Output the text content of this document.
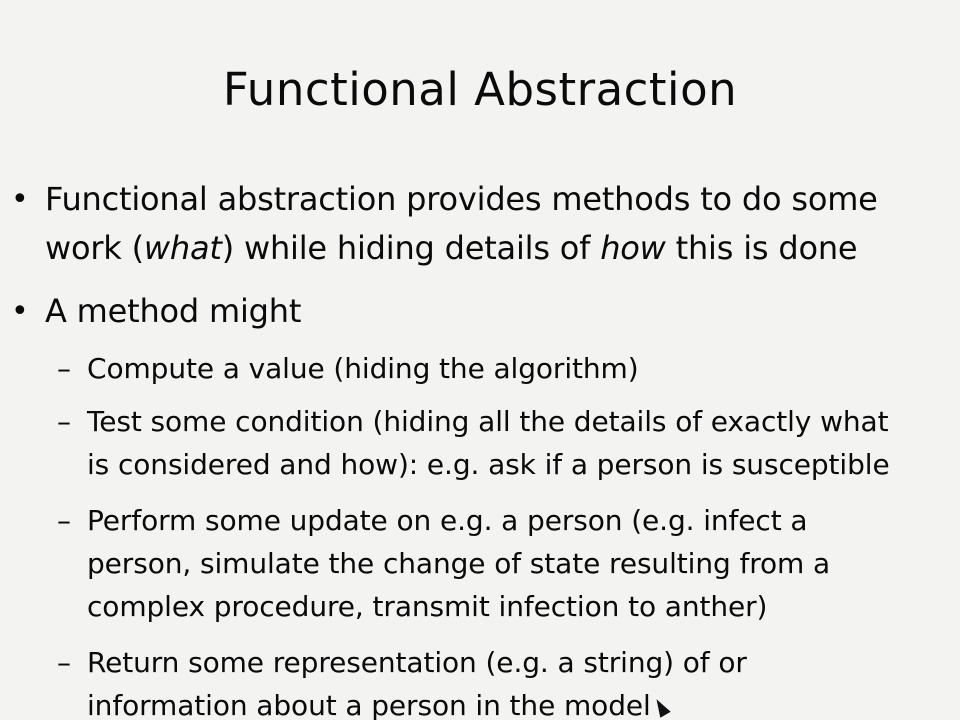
Functional Abstraction
• Functional abstraction provides methods to do some
work (what) while hiding details of how this is done
• A method might
– Compute a value (hiding the algorithm)
– Test some condition (hiding all the details of exactly what
is considered and how): e.g. ask if a person is susceptible
– Perform some update on e.g. a person (e.g. infect a
person, simulate the change of state resulting from a
complex procedure, transmit infection to anther)
– Return some representation (e.g. a string) of or
information about a person in the model
